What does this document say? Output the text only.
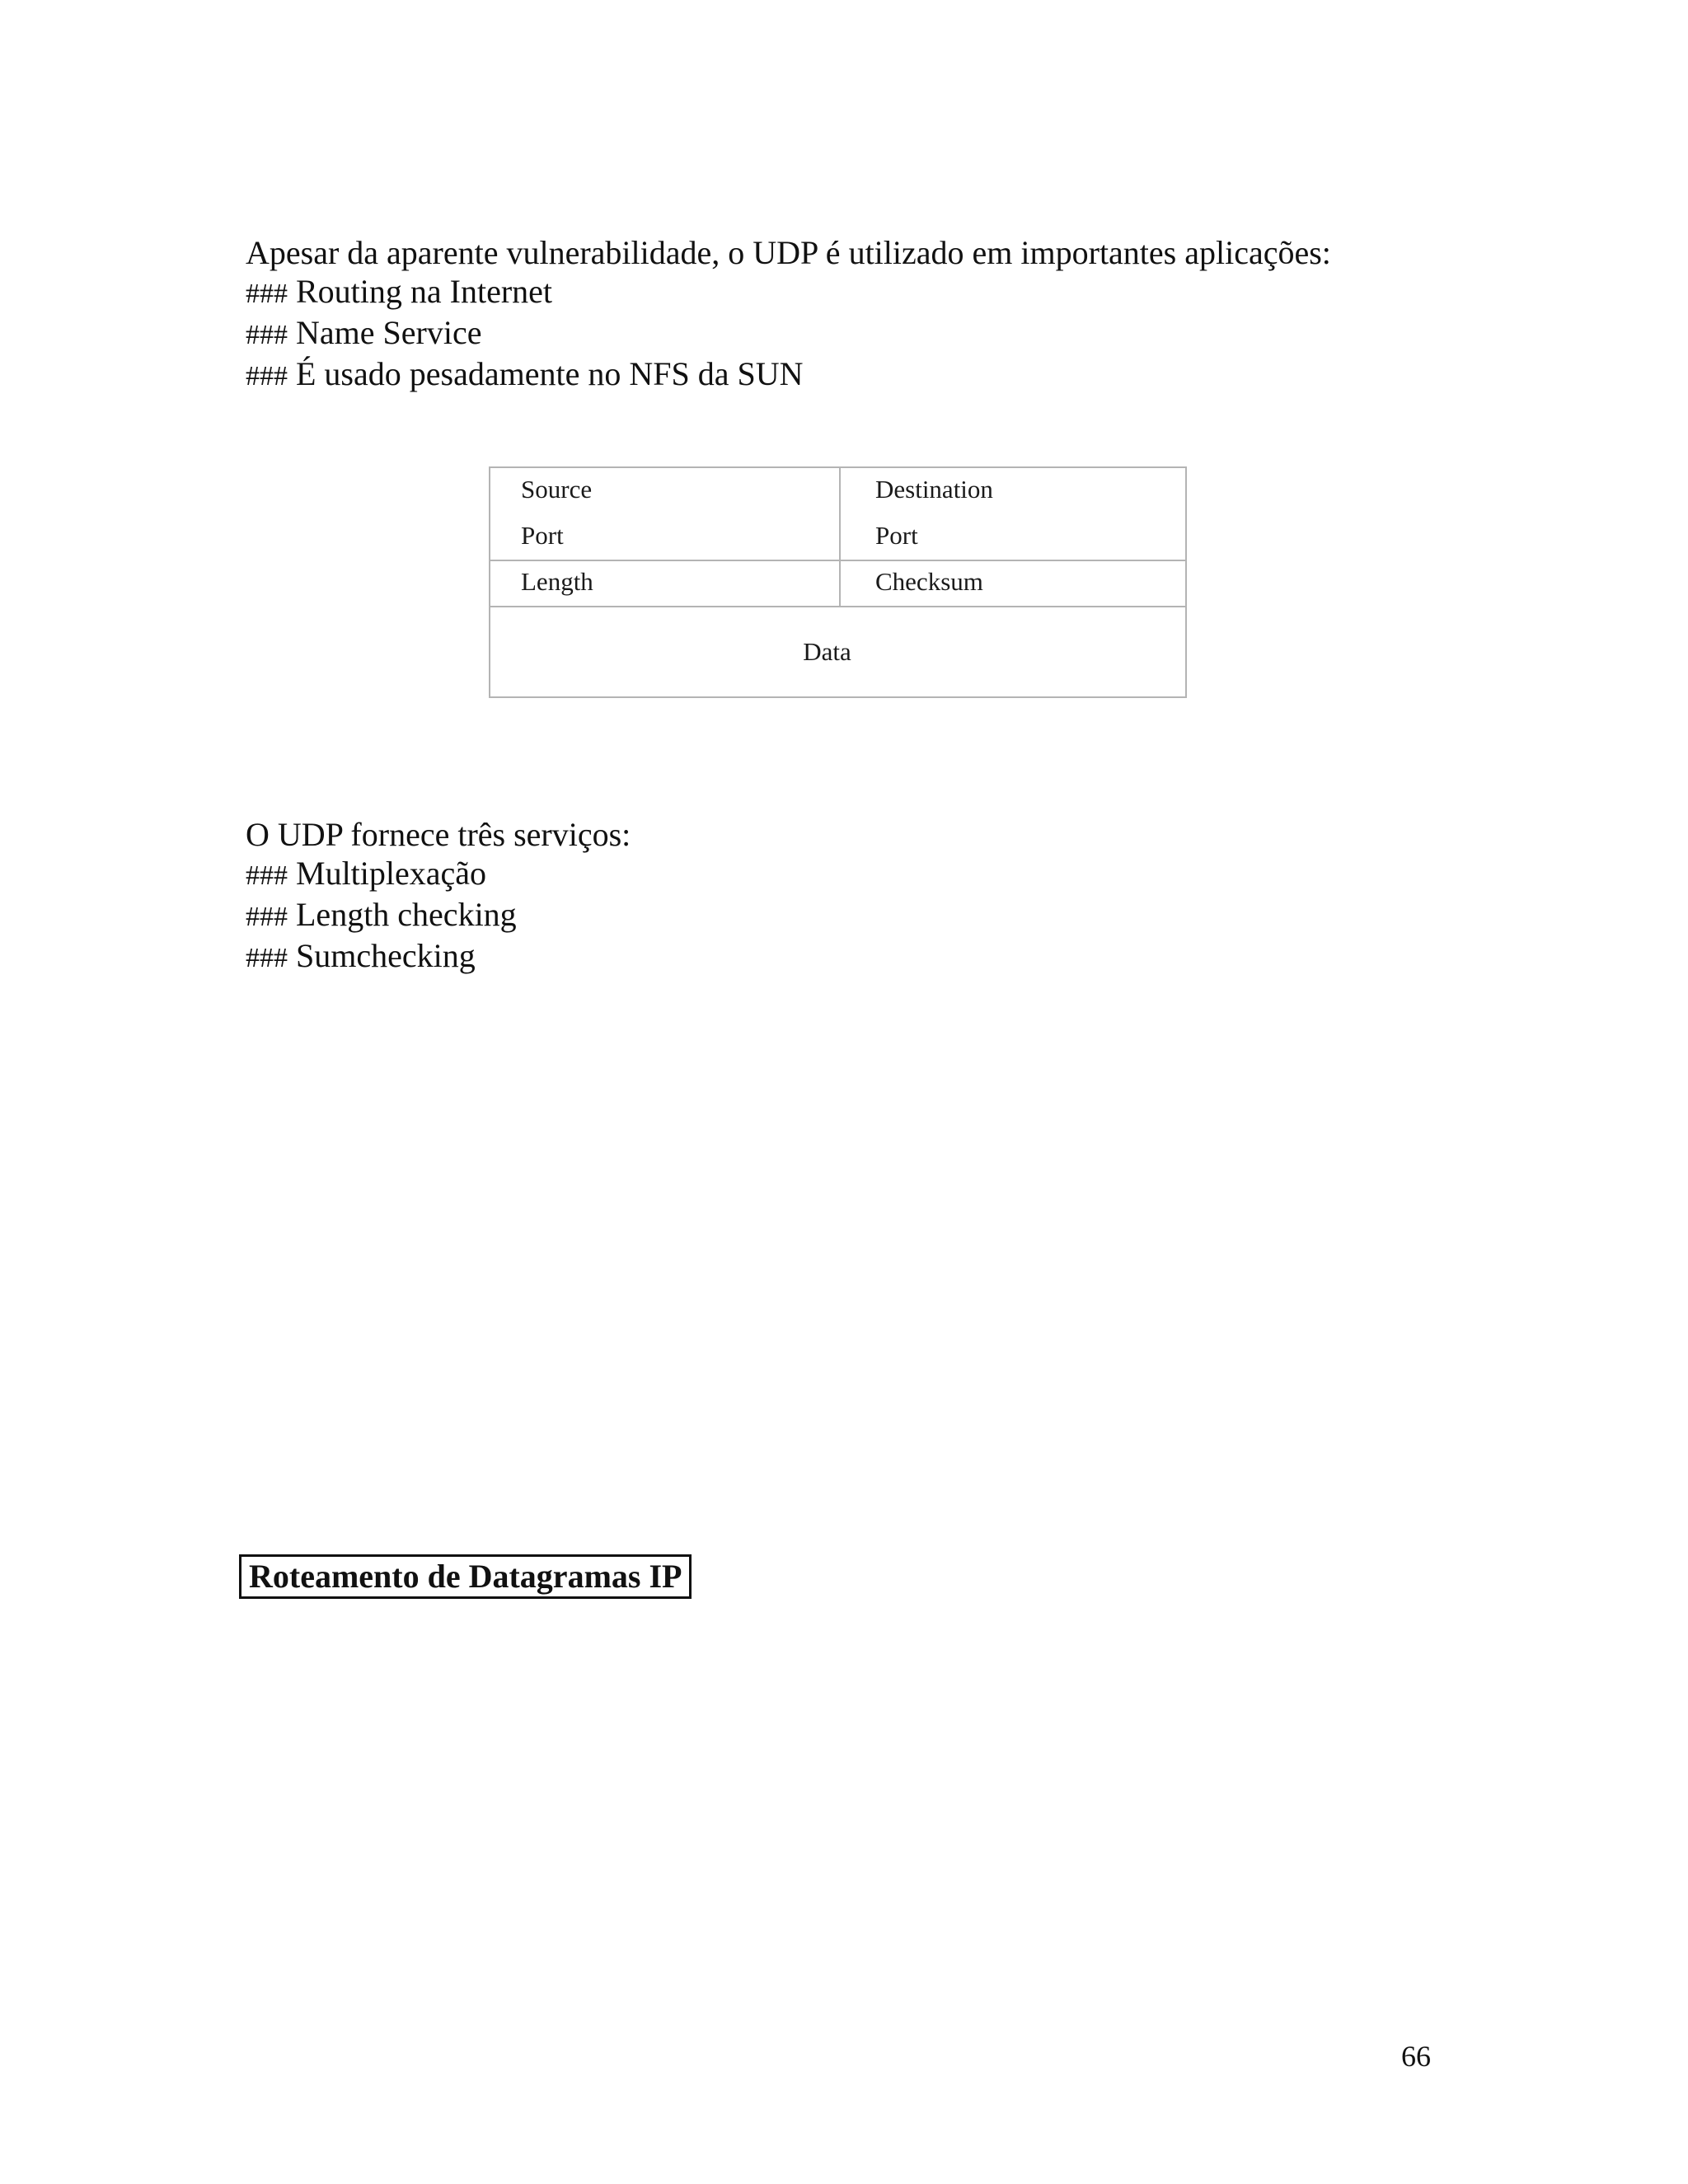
Apesar da aparente vulnerabilidade, o UDP é utilizado em importantes aplicações:
### Routing na Internet
### Name Service
### É usado pesadamente no NFS da SUN
Source
Port
Destination
Port
Length	Checksum
Data
O UDP fornece três serviços:
### Multiplexação
### Length checking
### Sumchecking
Roteamento de Datagramas IP
66
